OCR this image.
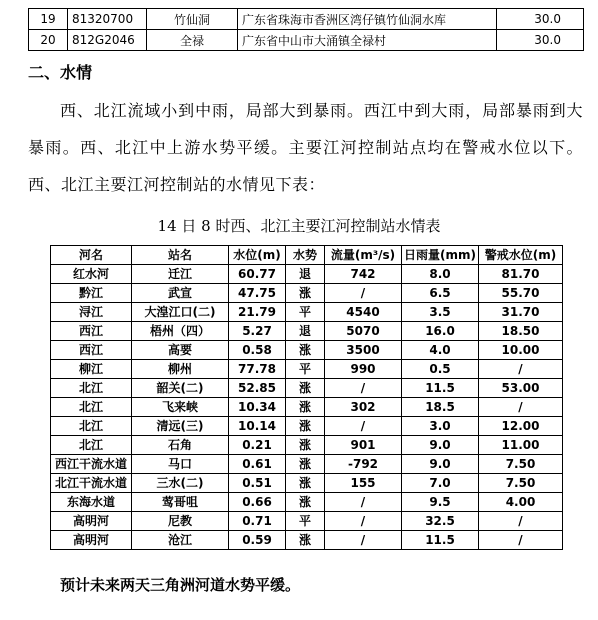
19	81320700	竹仙洞	广东省珠海市香洲区湾仔镇竹仙洞水库	30.0
20	812G2046	全禄	广东省中山市大涌镇全禄村	30.0
二、水情
西、北江流域小到中雨，局部大到暴雨。西江中到大雨，局部暴雨到大暴雨。西、北江中上游水势平缓。主要江河控制站点均在警戒水位以下。西、北江主要江河控制站的水情见下表：
14 日 8 时西、北江主要江河控制站水情表
河名	站名	水位(m)	水势	流量(m³/s)	日雨量(mm)	警戒水位(m)
红水河	迁江	60.77	退	742	8.0	81.70
黔江	武宣	47.75	涨	/	6.5	55.70
浔江	大湟江口(二)	21.79	平	4540	3.5	31.70
西江	梧州（四）	5.27	退	5070	16.0	18.50
西江	高要	0.58	涨	3500	4.0	10.00
柳江	柳州	77.78	平	990	0.5	/
北江	韶关(二)	52.85	涨	/	11.5	53.00
北江	飞来峡	10.34	涨	302	18.5	/
北江	清远(三)	10.14	涨	/	3.0	12.00
北江	石角	0.21	涨	901	9.0	11.00
西江干流水道	马口	0.61	涨	-792	9.0	7.50
北江干流水道	三水(二)	0.51	涨	155	7.0	7.50
东海水道	莺哥咀	0.66	涨	/	9.5	4.00
高明河	尼教	0.71	平	/	32.5	/
高明河	沧江	0.59	涨	/	11.5	/
预计未来两天三角洲河道水势平缓。
